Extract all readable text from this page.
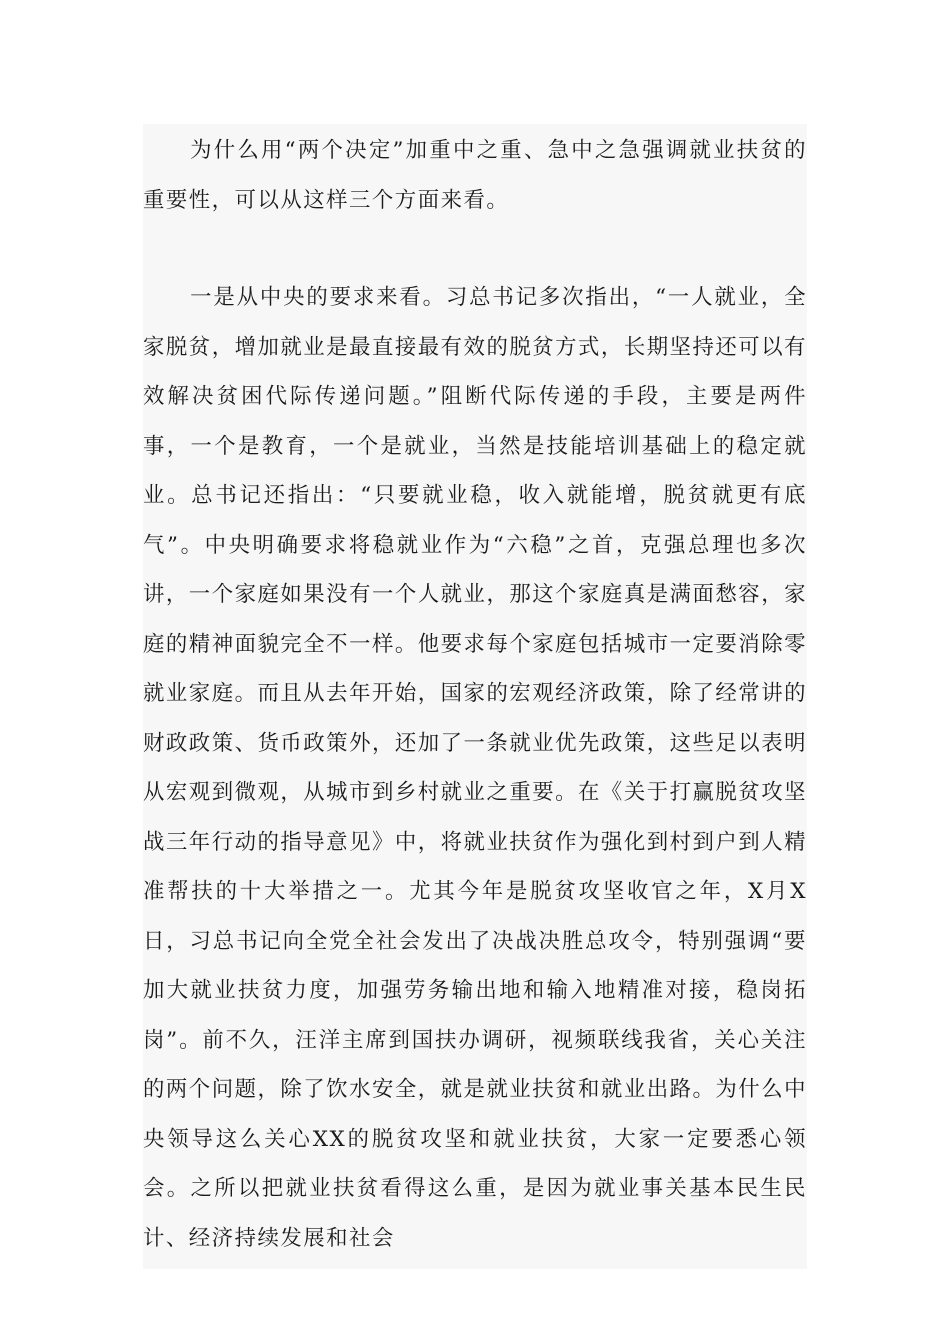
为什么用“两个决定”加重中之重、急中之急强调就业扶贫的重要性，可以从这样三个方面来看。

一是从中央的要求来看。习总书记多次指出，“一人就业，全家脱贫，增加就业是最直接最有效的脱贫方式，长期坚持还可以有效解决贫困代际传递问题。”阻断代际传递的手段，主要是两件事，一个是教育，一个是就业，当然是技能培训基础上的稳定就业。总书记还指出：“只要就业稳，收入就能增，脱贫就更有底气”。中央明确要求将稳就业作为“六稳”之首，克强总理也多次讲，一个家庭如果没有一个人就业，那这个家庭真是满面愁容，家庭的精神面貌完全不一样。他要求每个家庭包括城市一定要消除零就业家庭。而且从去年开始，国家的宏观经济政策，除了经常讲的财政政策、货币政策外，还加了一条就业优先政策，这些足以表明从宏观到微观，从城市到乡村就业之重要。在《关于打赢脱贫攻坚战三年行动的指导意见》中，将就业扶贫作为强化到村到户到人精准帮扶的十大举措之一。尤其今年是脱贫攻坚收官之年，X月X日，习总书记向全党全社会发出了决战决胜总攻令，特别强调“要加大就业扶贫力度，加强劳务输出地和输入地精准对接，稳岗拓岗”。前不久，汪洋主席到国扶办调研，视频联线我省，关心关注的两个问题，除了饮水安全，就是就业扶贫和就业出路。为什么中央领导这么关心XX的脱贫攻坚和就业扶贫，大家一定要悉心领会。之所以把就业扶贫看得这么重，是因为就业事关基本民生民计、经济持续发展和社会
